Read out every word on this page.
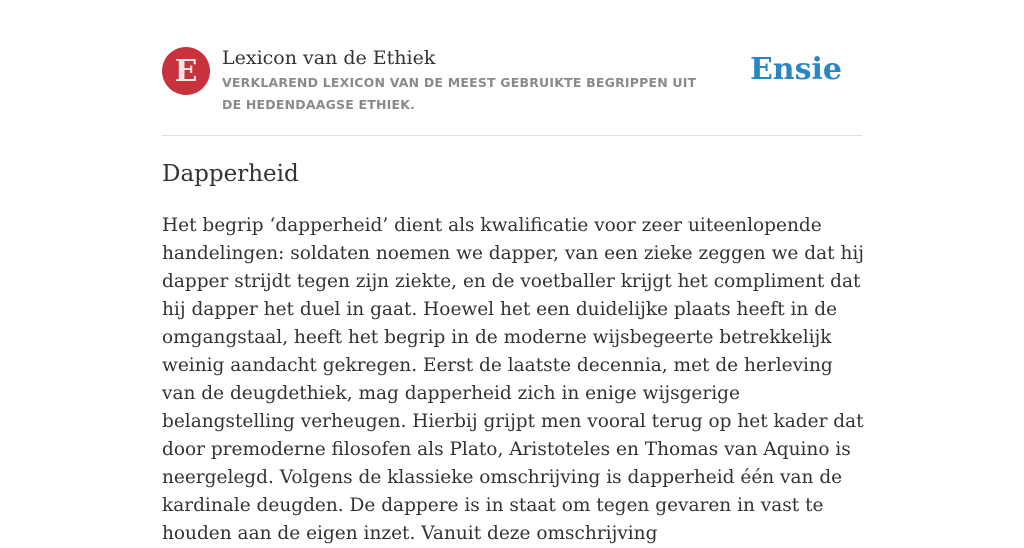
E Lexicon van de Ethiek
VERKLAREND LEXICON VAN DE MEEST GEBRUIKTE BEGRIPPEN UIT DE HEDENDAAGSE ETHIEK.
Ensie
Dapperheid

Het begrip ‘dapperheid’ dient als kwalificatie voor zeer uiteenlopende handelingen: soldaten noemen we dapper, van een zieke zeggen we dat hij dapper strijdt tegen zijn ziekte, en de voetballer krijgt het compliment dat hij dapper het duel in gaat. Hoewel het een duidelijke plaats heeft in de omgangstaal, heeft het begrip in de moderne wijsbegeerte betrekkelijk weinig aandacht gekregen. Eerst de laatste decennia, met de herleving van de deugdethiek, mag dapperheid zich in enige wijsgerige belangstelling verheugen. Hierbij grijpt men vooral terug op het kader dat door premoderne filosofen als Plato, Aristoteles en Thomas van Aquino is neergelegd. Volgens de klassieke omschrijving is dapperheid één van de kardinale deugden. De dappere is in staat om tegen gevaren in vast te houden aan de eigen inzet. Vanuit deze omschrijving
